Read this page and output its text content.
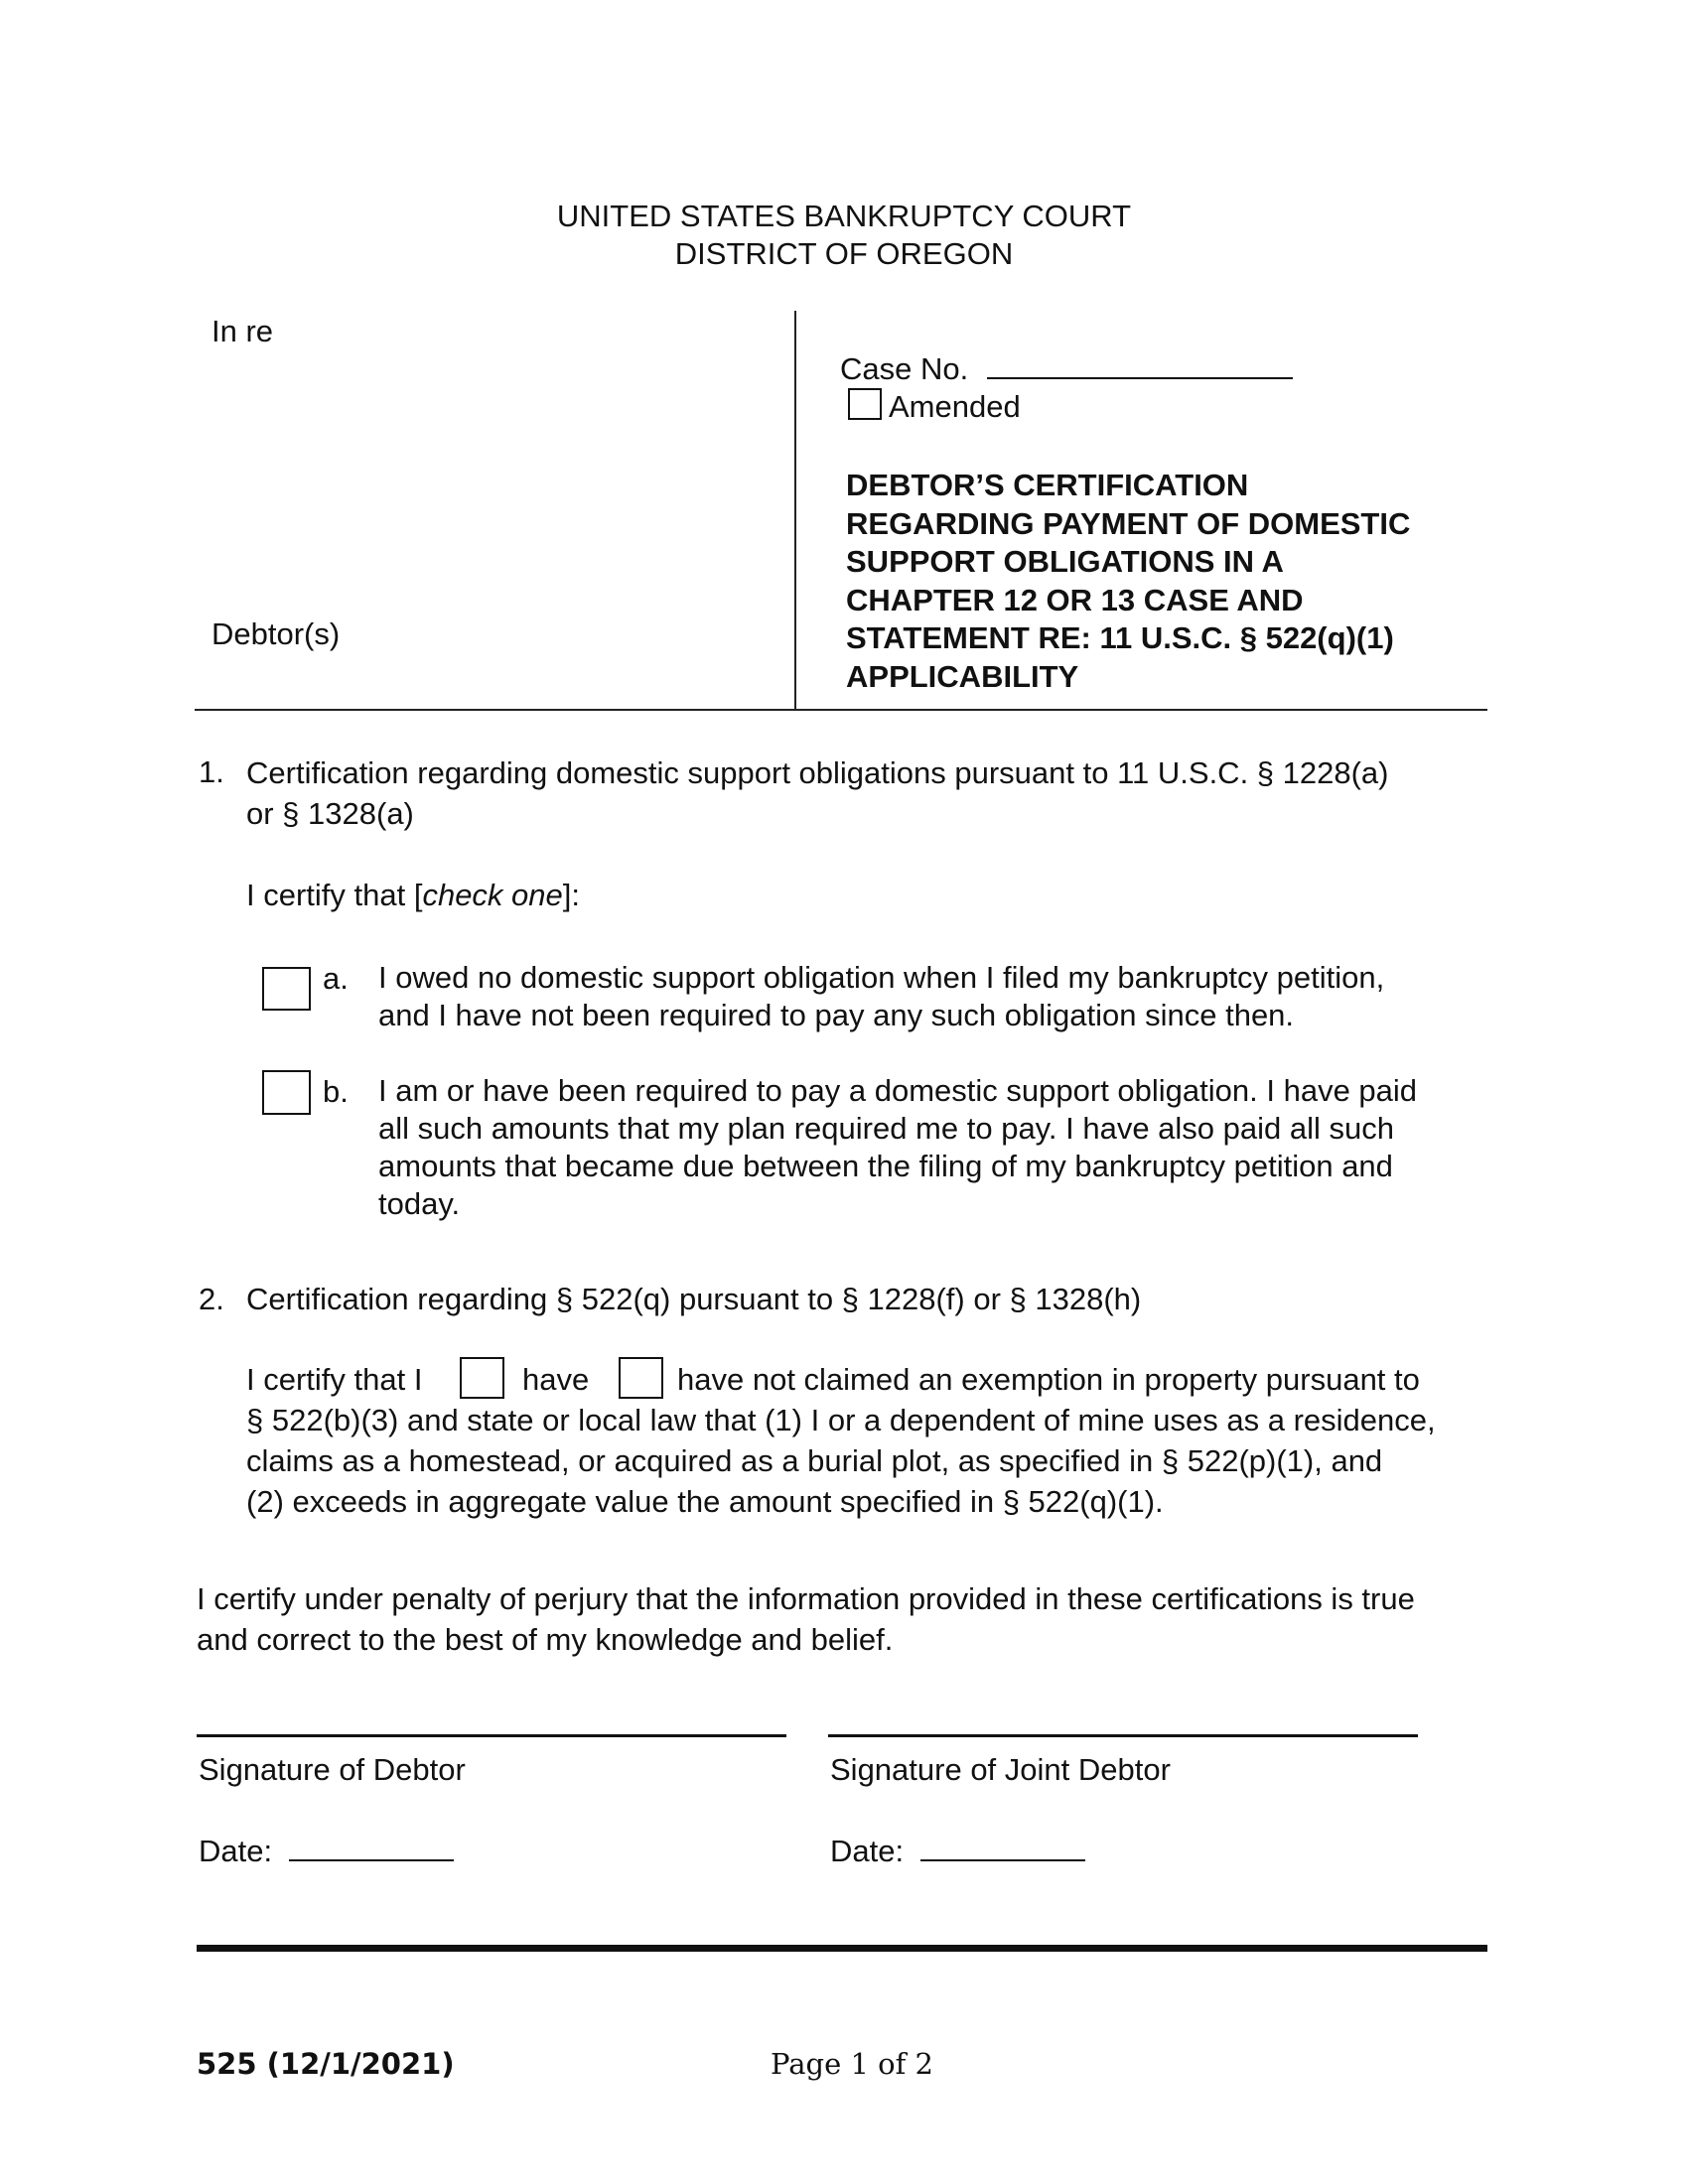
UNITED STATES BANKRUPTCY COURT
DISTRICT OF OREGON
In re
Debtor(s)
Case No.
Amended
DEBTOR’S CERTIFICATION
REGARDING PAYMENT OF DOMESTIC
SUPPORT OBLIGATIONS IN A
CHAPTER 12 OR 13 CASE AND
STATEMENT RE: 11 U.S.C. § 522(q)(1)
APPLICABILITY
1. Certification regarding domestic support obligations pursuant to 11 U.S.C. § 1228(a)
or § 1328(a)
I certify that [check one]:
a. I owed no domestic support obligation when I filed my bankruptcy petition,
and I have not been required to pay any such obligation since then.
b. I am or have been required to pay a domestic support obligation. I have paid
all such amounts that my plan required me to pay. I have also paid all such
amounts that became due between the filing of my bankruptcy petition and
today.
2. Certification regarding § 522(q) pursuant to § 1228(f) or § 1328(h)
I certify that I	have	have not claimed an exemption in property pursuant to
§ 522(b)(3) and state or local law that (1) I or a dependent of mine uses as a residence,
claims as a homestead, or acquired as a burial plot, as specified in § 522(p)(1), and
(2) exceeds in aggregate value the amount specified in § 522(q)(1).
I certify under penalty of perjury that the information provided in these certifications is true
and correct to the best of my knowledge and belief.
Signature of Debtor	Signature of Joint Debtor
Date:	Date:
525 (12/1/2021)	Page 1 of 2
